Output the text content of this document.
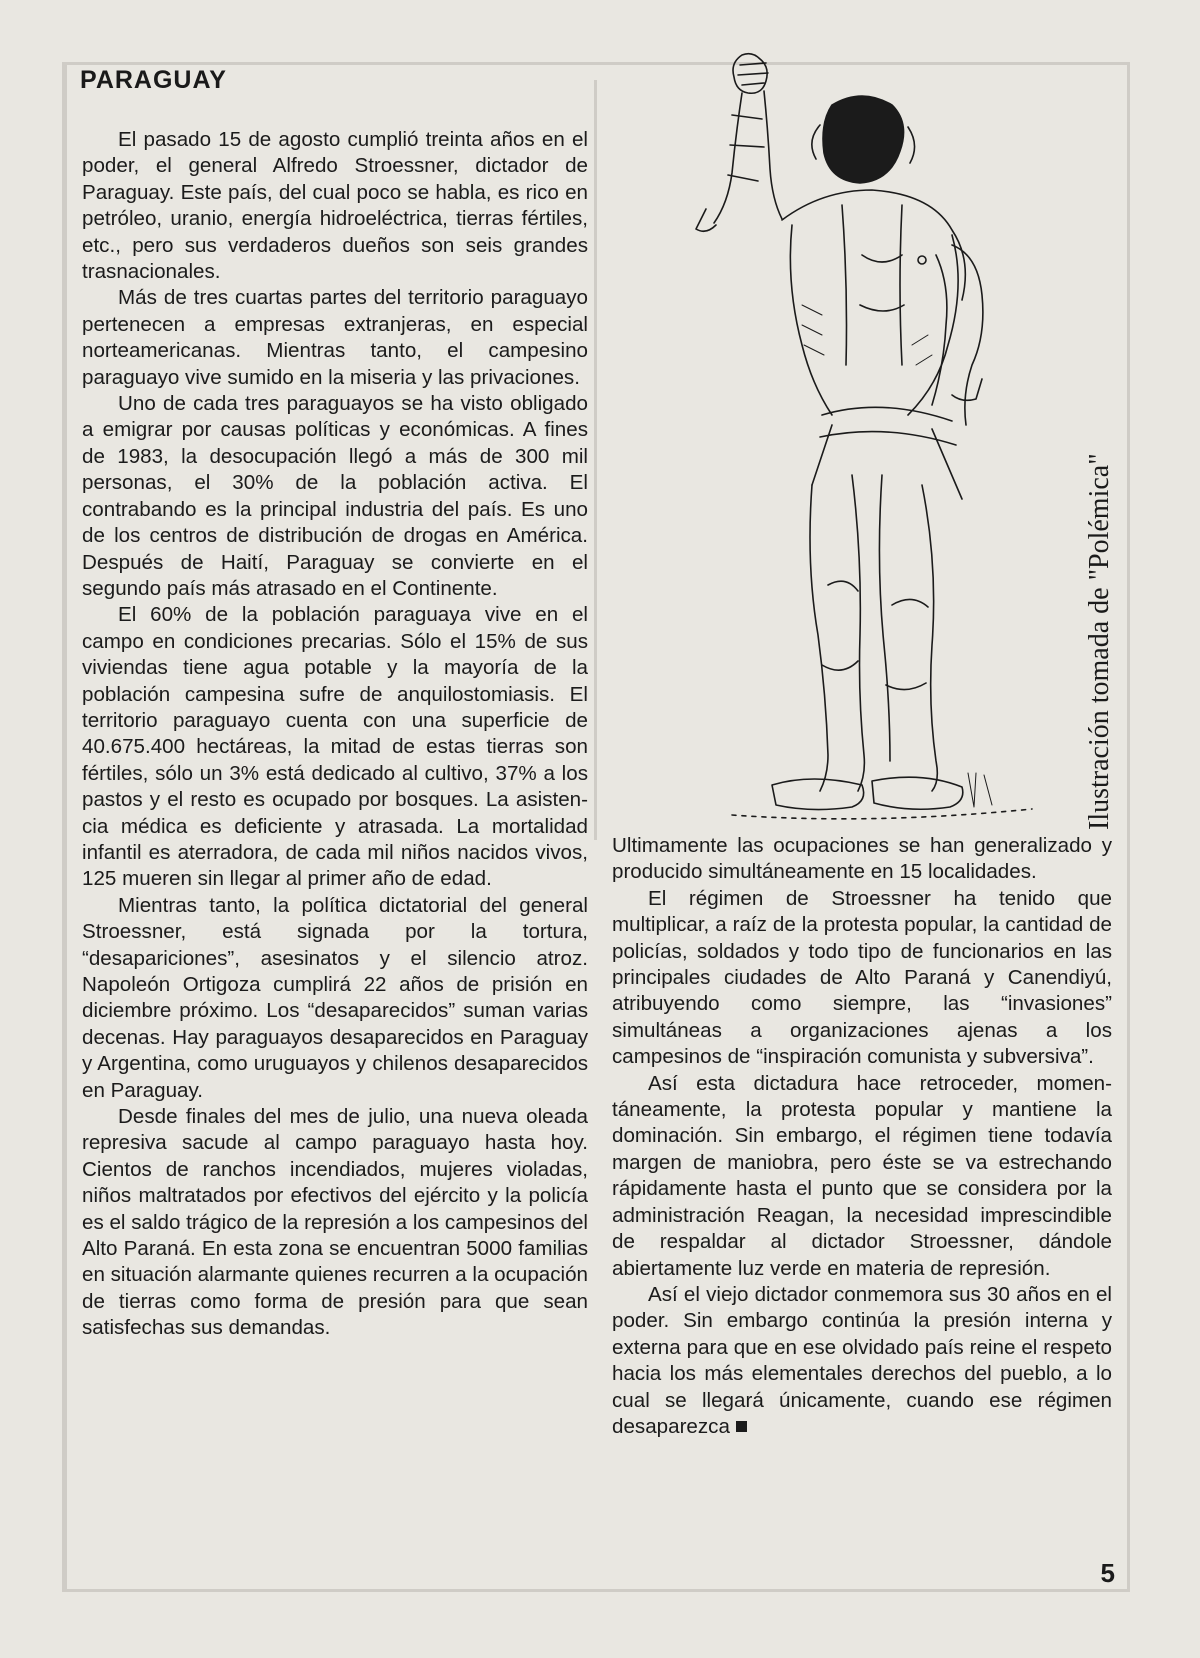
PARAGUAY

El pasado 15 de agosto cumplió treinta años en el poder, el general Alfredo Stroessner, dictador de Paraguay. Este país, del cual poco se habla, es rico en petróleo, uranio, energía hidroeléctrica, tierras fértiles, etc., pero sus verdaderos dueños son seis grandes trasnacionales.

Más de tres cuartas partes del territorio paraguayo pertenecen a empresas extranjeras, en especial norteamericanas. Mientras tanto, el campesino paraguayo vive sumido en la miseria y las privaciones.

Uno de cada tres paraguayos se ha visto obligado a emigrar por causas políticas y económicas. A fines de 1983, la desocupación llegó a más de 300 mil personas, el 30% de la población activa. El contrabando es la principal industria del país. Es uno de los centros de distribución de drogas en América. Después de Haití, Paraguay se convierte en el segundo país más atrasado en el Continente.

El 60% de la población paraguaya vive en el campo en condiciones precarias. Sólo el 15% de sus viviendas tiene agua potable y la mayoría de la población campesina sufre de anquilostomiasis. El territorio paraguayo cuenta con una superficie de 40.675.400 hectáreas, la mitad de estas tierras son fértiles, sólo un 3% está dedicado al cultivo, 37% a los pastos y el resto es ocupado por bosques. La asistencia médica es deficiente y atrasada. La mortalidad infantil es aterradora, de cada mil niños nacidos vivos, 125 mueren sin llegar al primer año de edad.

Mientras tanto, la política dictatorial del general Stroessner, está signada por la tortura, “desapariciones”, asesinatos y el silencio atroz. Napoleón Ortigoza cumplirá 22 años de prisión en diciembre próximo. Los “desaparecidos” suman varias decenas. Hay paraguayos desaparecidos en Paraguay y Argentina, como uruguayos y chilenos desaparecidos en Paraguay.

Desde finales del mes de julio, una nueva oleada represiva sacude al campo paraguayo hasta hoy. Cientos de ranchos incendiados, mujeres violadas, niños maltratados por efectivos del ejército y la policía es el saldo trágico de la represión a los campesinos del Alto Paraná. En esta zona se encuentran 5000 familias en situación alarmante quienes recurren a la ocupación de tierras como forma de presión para que sean satisfechas sus demandas.

Ilustración tomada de "Polémica"

Ultimamente las ocupaciones se han generalizado y producido simultáneamente en 15 localidades.

El régimen de Stroessner ha tenido que multiplicar, a raíz de la protesta popular, la cantidad de policías, soldados y todo tipo de funcionarios en las principales ciudades de Alto Paraná y Canendiyú, atribuyendo como siempre, las “invasiones” simultáneas a organizaciones ajenas a los campesinos de “inspiración comunista y subversiva”.

Así esta dictadura hace retroceder, momentáneamente, la protesta popular y mantiene la dominación. Sin embargo, el régimen tiene todavía margen de maniobra, pero éste se va estrechando rápidamente hasta el punto que se considera por la administración Reagan, la necesidad imprescindible de respaldar al dictador Stroessner, dándole abiertamente luz verde en materia de represión.

Así el viejo dictador conmemora sus 30 años en el poder. Sin embargo continúa la presión interna y externa para que en ese olvidado país reine el respeto hacia los más elementales derechos del pueblo, a lo cual se llegará únicamente, cuando ese régimen desaparezca

5
